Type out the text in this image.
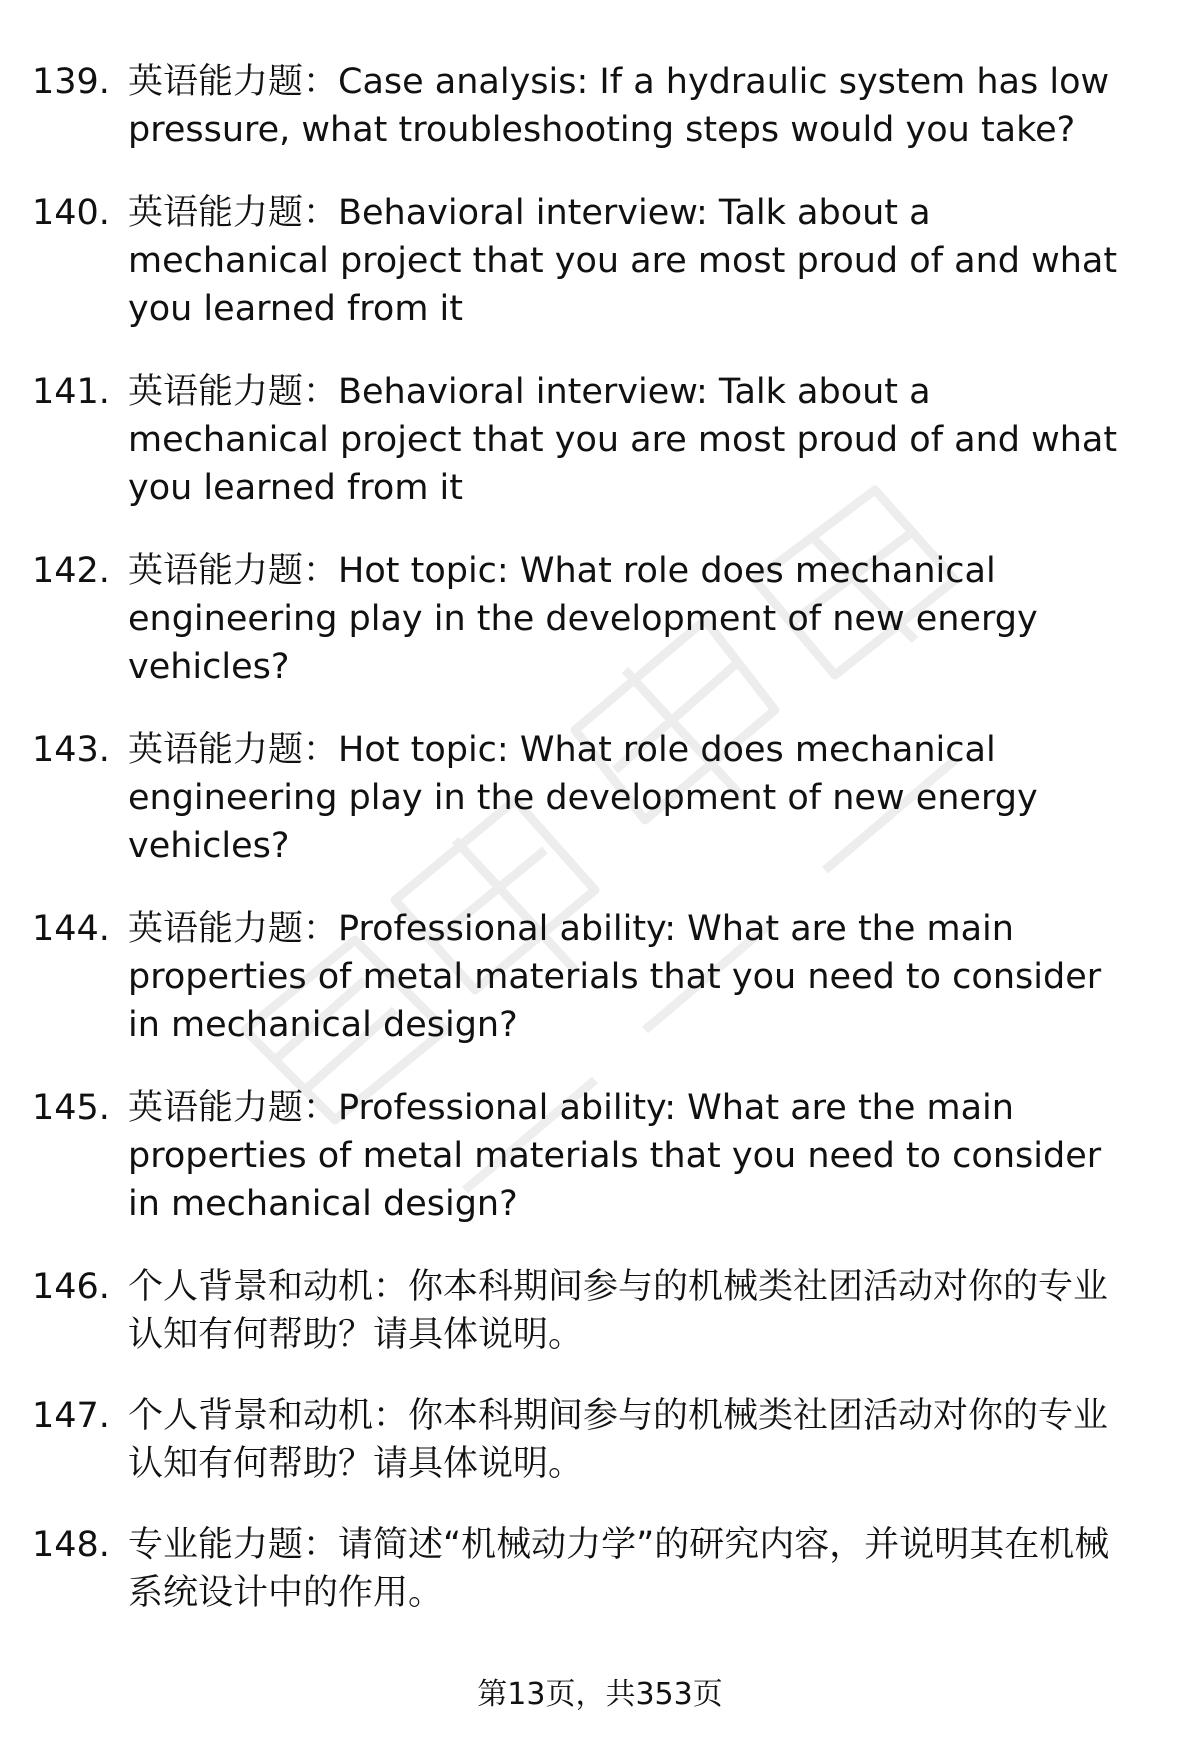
139. 英语能力题：Case analysis: If a hydraulic system has low pressure, what troubleshooting steps would you take?
140. 英语能力题：Behavioral interview: Talk about a mechanical project that you are most proud of and what you learned from it
141. 英语能力题：Behavioral interview: Talk about a mechanical project that you are most proud of and what you learned from it
142. 英语能力题：Hot topic: What role does mechanical engineering play in the development of new energy vehicles?
143. 英语能力题：Hot topic: What role does mechanical engineering play in the development of new energy vehicles?
144. 英语能力题：Professional ability: What are the main properties of metal materials that you need to consider in mechanical design?
145. 英语能力题：Professional ability: What are the main properties of metal materials that you need to consider in mechanical design?
146. 个人背景和动机：你本科期间参与的机械类社团活动对你的专业认知有何帮助？请具体说明。
147. 个人背景和动机：你本科期间参与的机械类社团活动对你的专业认知有何帮助？请具体说明。
148. 专业能力题：请简述“机械动力学”的研究内容，并说明其在机械系统设计中的作用。
第13页，共353页
